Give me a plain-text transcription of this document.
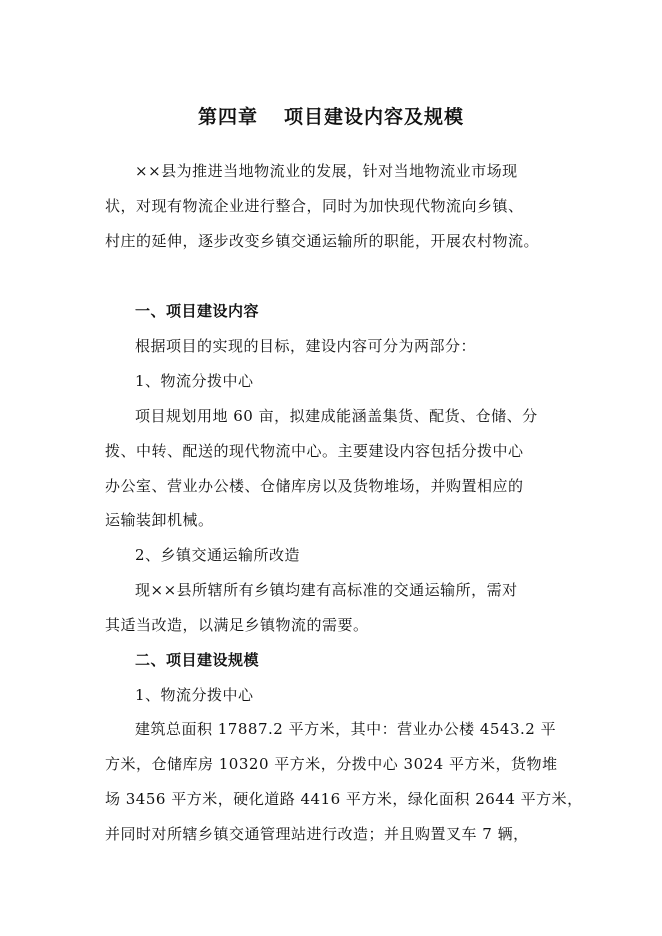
第四章 项目建设内容及规模
××县为推进当地物流业的发展，针对当地物流业市场现
状，对现有物流企业进行整合，同时为加快现代物流向乡镇、
村庄的延伸，逐步改变乡镇交通运输所的职能，开展农村物流。
一、项目建设内容
根据项目的实现的目标，建设内容可分为两部分：
1、物流分拨中心
项目规划用地 60 亩，拟建成能涵盖集货、配货、仓储、分
拨、中转、配送的现代物流中心。主要建设内容包括分拨中心
办公室、营业办公楼、仓储库房以及货物堆场，并购置相应的
运输装卸机械。
2、乡镇交通运输所改造
现××县所辖所有乡镇均建有高标准的交通运输所，需对
其适当改造，以满足乡镇物流的需要。
二、项目建设规模
1、物流分拨中心
建筑总面积 17887.2 平方米，其中：营业办公楼 4543.2 平
方米，仓储库房 10320 平方米，分拨中心 3024 平方米，货物堆
场 3456 平方米，硬化道路 4416 平方米，绿化面积 2644 平方米，
并同时对所辖乡镇交通管理站进行改造；并且购置叉车 7 辆，
